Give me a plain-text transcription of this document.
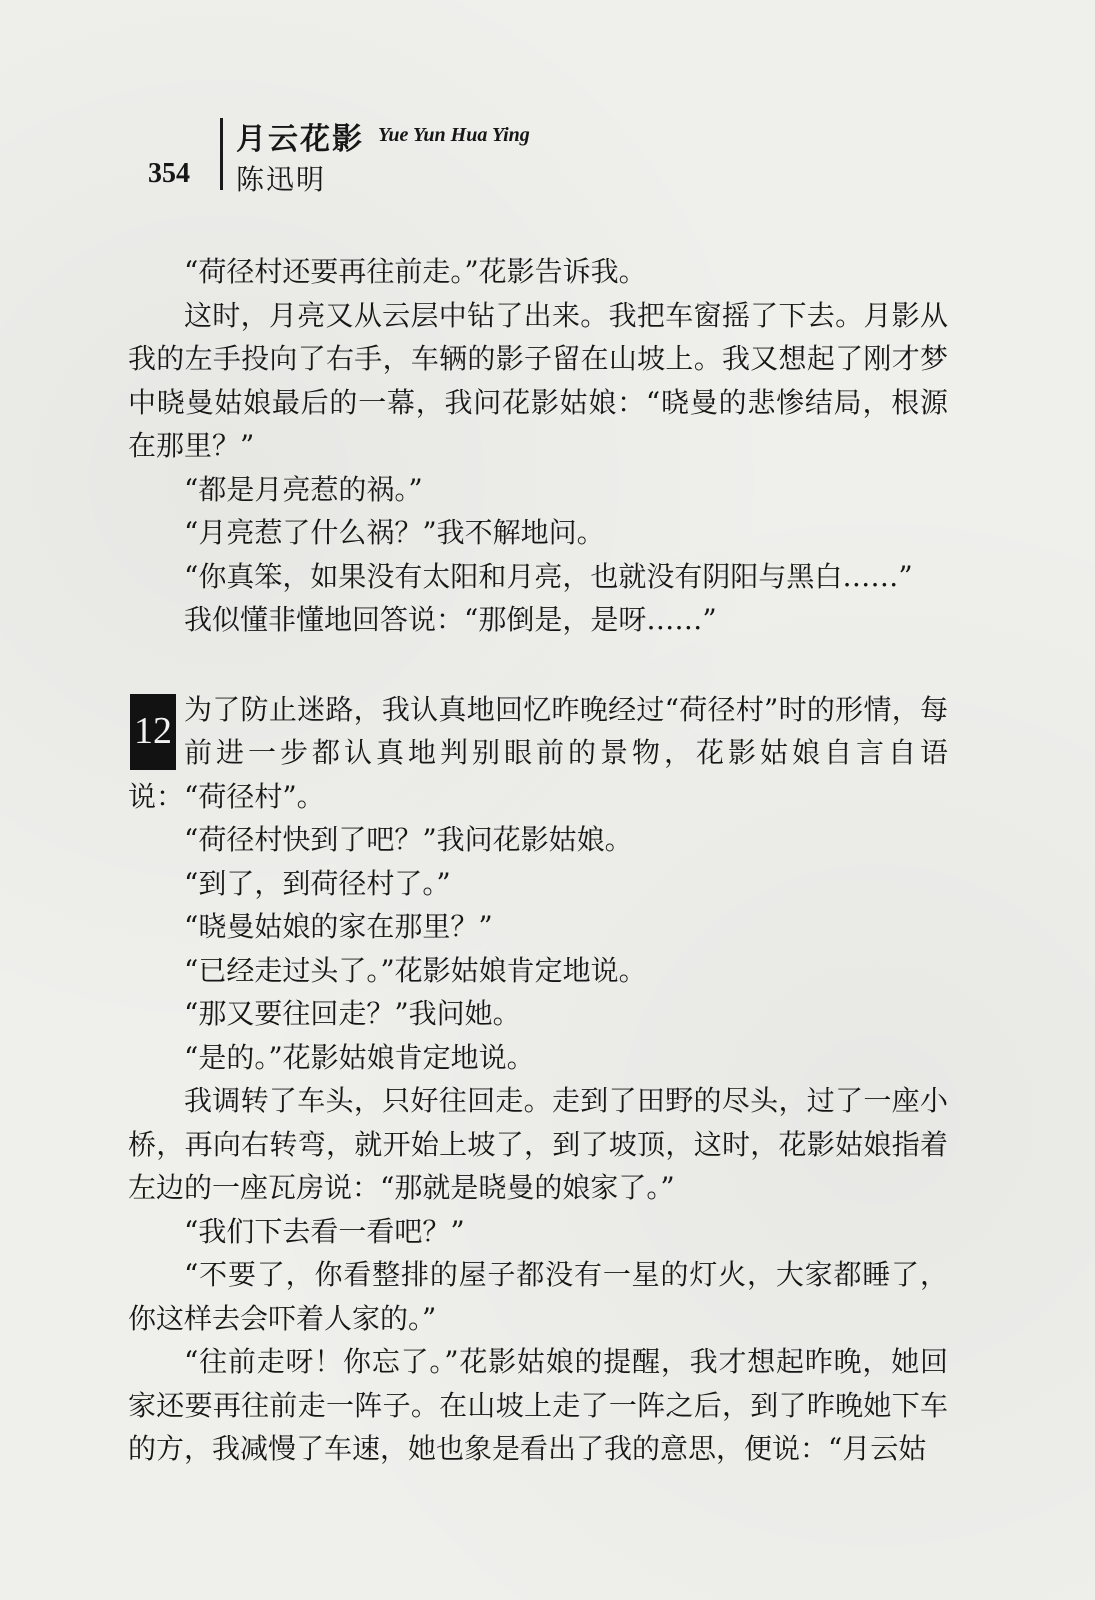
354
月云花影 Yue Yun Hua Ying
陈迅明

“荷径村还要再往前走。”花影告诉我。

这时，月亮又从云层中钻了出来。我把车窗摇了下去。月影从我的左手投向了右手，车辆的影子留在山坡上。我又想起了刚才梦中晓曼姑娘最后的一幕，我问花影姑娘：“晓曼的悲惨结局，根源在那里？”

“都是月亮惹的祸。”

“月亮惹了什么祸？”我不解地问。

“你真笨，如果没有太阳和月亮，也就没有阴阳与黑白……”

我似懂非懂地回答说：“那倒是，是呀……”

12

为了防止迷路，我认真地回忆昨晚经过“荷径村”时的形情，每前进一步都认真地判别眼前的景物，花影姑娘自言自语说：“荷径村”。

“荷径村快到了吧？”我问花影姑娘。

“到了，到荷径村了。”

“晓曼姑娘的家在那里？”

“已经走过头了。”花影姑娘肯定地说。

“那又要往回走？”我问她。

“是的。”花影姑娘肯定地说。

我调转了车头，只好往回走。走到了田野的尽头，过了一座小桥，再向右转弯，就开始上坡了，到了坡顶，这时，花影姑娘指着左边的一座瓦房说：“那就是晓曼的娘家了。”

“我们下去看一看吧？”

“不要了，你看整排的屋子都没有一星的灯火，大家都睡了，你这样去会吓着人家的。”

“往前走呀！你忘了。”花影姑娘的提醒，我才想起昨晚，她回家还要再往前走一阵子。在山坡上走了一阵之后，到了昨晚她下车的方，我减慢了车速，她也象是看出了我的意思，便说：“月云姑
